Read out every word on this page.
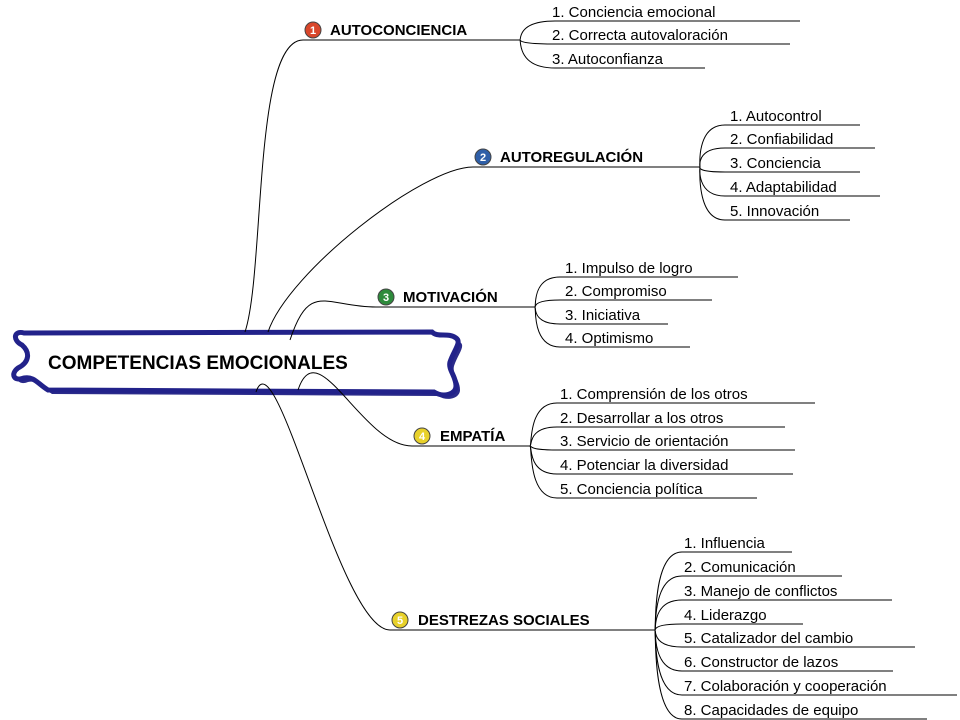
COMPETENCIAS EMOCIONALES
1 AUTOCONCIENCIA
1. Conciencia emocional
2. Correcta autovaloración
3. Autoconfianza
2 AUTOREGULACIÓN
1. Autocontrol
2. Confiabilidad
3. Conciencia
4. Adaptabilidad
5. Innovación
3 MOTIVACIÓN
1. Impulso de logro
2. Compromiso
3. Iniciativa
4. Optimismo
4 EMPATÍA
1. Comprensión de los otros
2. Desarrollar a los otros
3. Servicio de orientación
4. Potenciar la diversidad
5. Conciencia política
5 DESTREZAS SOCIALES
1. Influencia
2. Comunicación
3. Manejo de conflictos
4. Liderazgo
5. Catalizador del cambio
6. Constructor de lazos
7. Colaboración y cooperación
8. Capacidades de equipo
